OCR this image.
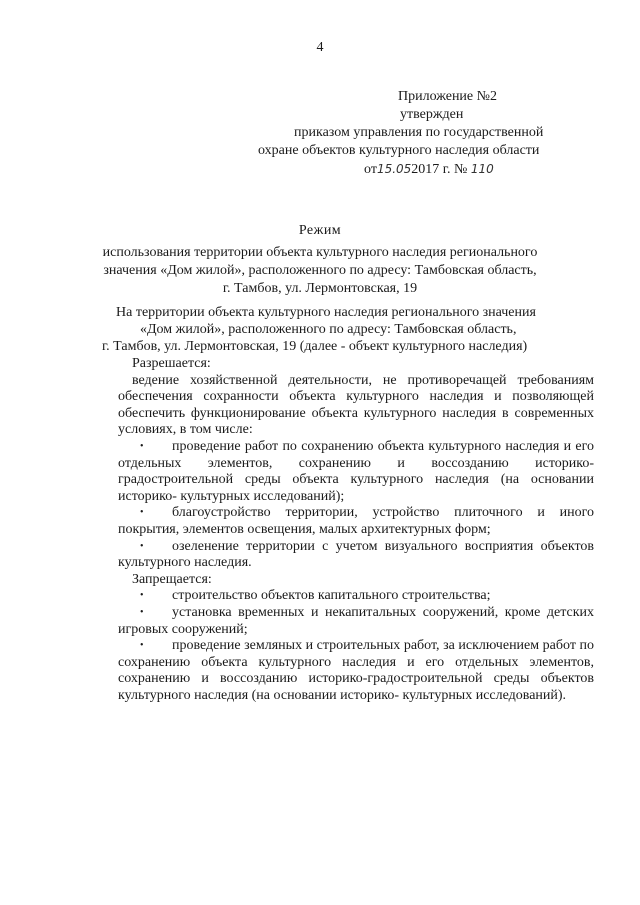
4
Приложение №2
утвержден
приказом управления по государственной
охране объектов культурного наследия области
от15.052017 г. № 110
Режим
использования территории объекта культурного наследия регионального
значения «Дом жилой», расположенного по адресу: Тамбовская область,
г. Тамбов, ул. Лермонтовская, 19
На территории объекта культурного наследия регионального значения
«Дом жилой», расположенного по адресу: Тамбовская область,
г. Тамбов, ул. Лермонтовская, 19 (далее - объект культурного наследия)
Разрешается:

ведение хозяйственной деятельности, не противоречащей требованиям обеспечения сохранности объекта культурного наследия и позволяющей обеспечить функционирование объекта культурного наследия в современных условиях, в том числе:

• проведение работ по сохранению объекта культурного наследия и его отдельных элементов, сохранению и воссозданию историко-градостроительной среды объекта культурного наследия (на основании историко- культурных исследований);
• благоустройство территории, устройство плиточного и иного покрытия, элементов освещения, малых архитектурных форм;
• озеленение территории с учетом визуального восприятия объектов культурного наследия.
Запрещается:
• строительство объектов капитального строительства;
• установка временных и некапитальных сооружений, кроме детских игровых сооружений;
• проведение земляных и строительных работ, за исключением работ по сохранению объекта культурного наследия и его отдельных элементов, сохранению и воссозданию историко-градостроительной среды объектов культурного наследия (на основании историко- культурных исследований).
